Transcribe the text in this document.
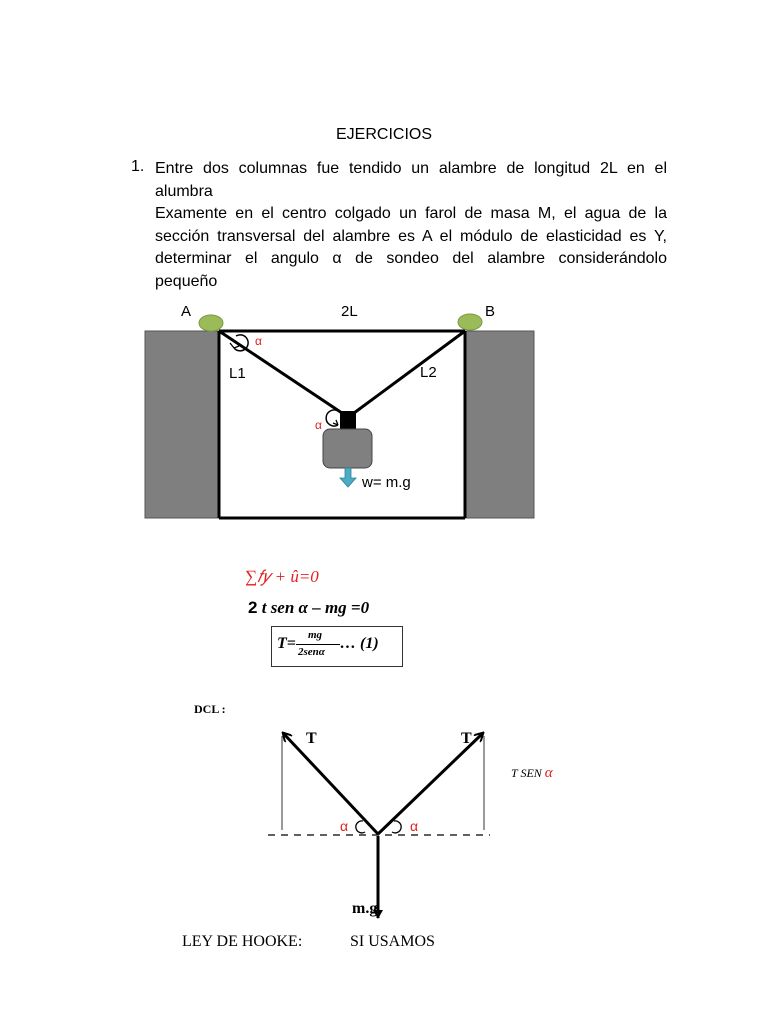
EJERCICIOS
1. Entre dos columnas fue tendido un alambre de longitud 2L en el
alumbra
Examente en el centro colgado un farol de masa M, el agua de la
sección transversal del alambre es A el módulo de elasticidad es Y,
determinar el angulo α de sondeo del alambre considerándolo
pequeño
A	B
2L
L1	L2
α
α
w= m.g
∑𝑓𝑦 + û=0
2 t sen α – mg =0
T= mg
2senα … (1)
DCL :
T	T
T SEN α
α	α
m.g
LEY DE HOOKE:	SI USAMOS
